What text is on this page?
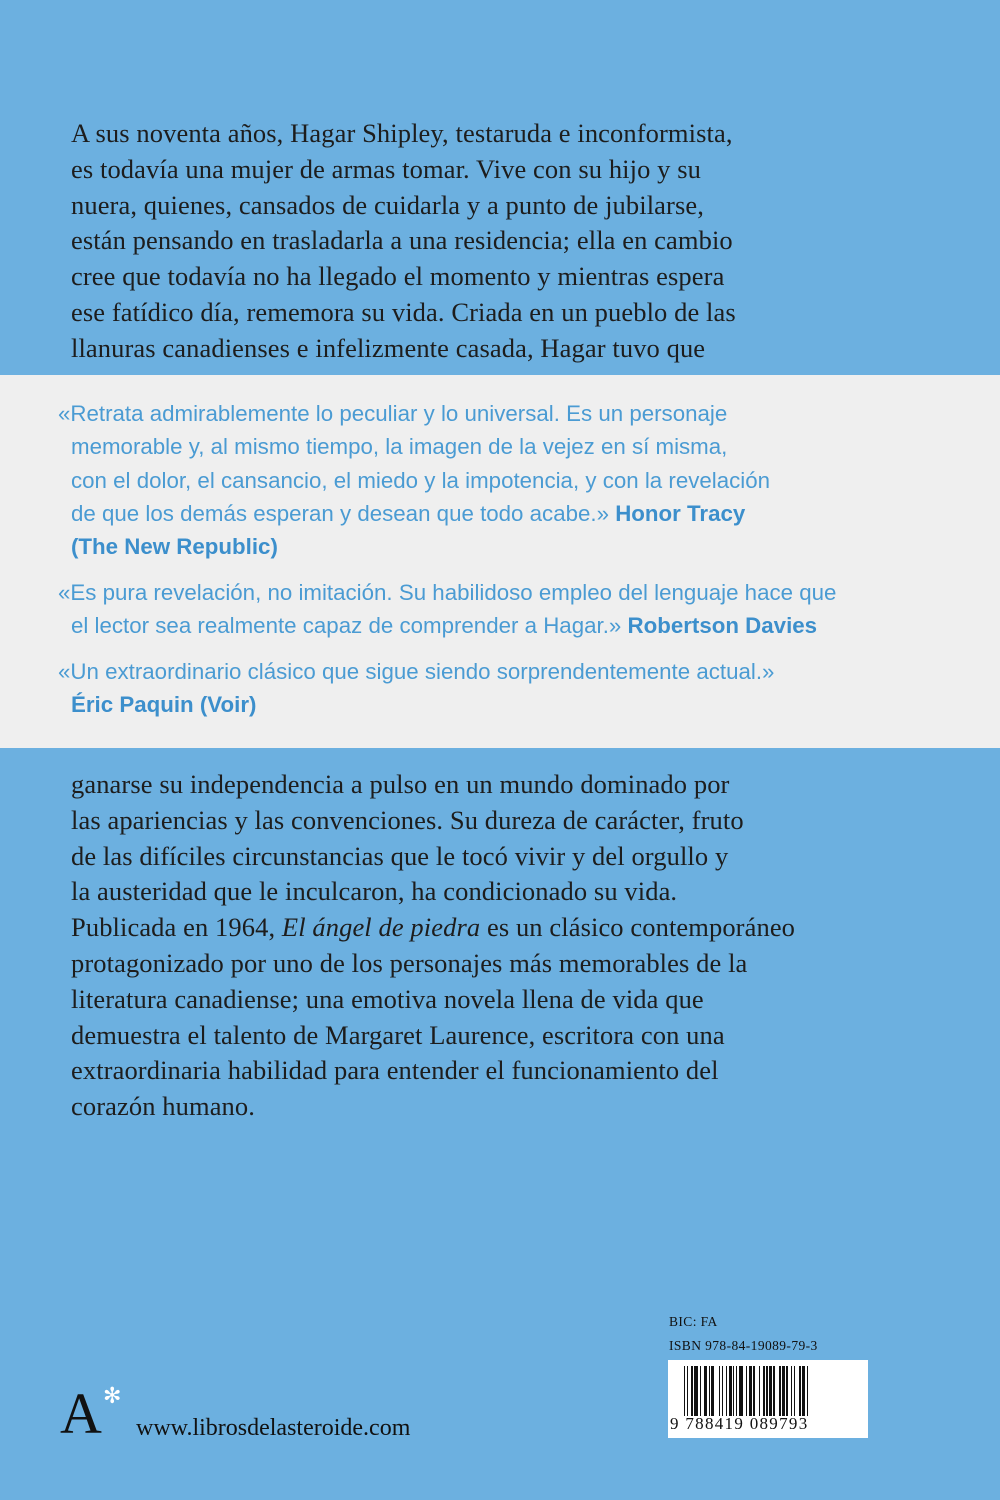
A sus noventa años, Hagar Shipley, testaruda e inconformista,
es todavía una mujer de armas tomar. Vive con su hijo y su
nuera, quienes, cansados de cuidarla y a punto de jubilarse,
están pensando en trasladarla a una residencia; ella en cambio
cree que todavía no ha llegado el momento y mientras espera
ese fatídico día, rememora su vida. Criada en un pueblo de las
llanuras canadienses e infelizmente casada, Hagar tuvo que
«Retrata admirablemente lo peculiar y lo universal. Es un personaje
memorable y, al mismo tiempo, la imagen de la vejez en sí misma,
con el dolor, el cansancio, el miedo y la impotencia, y con la revelación
de que los demás esperan y desean que todo acabe.» Honor Tracy
(The New Republic)
«Es pura revelación, no imitación. Su habilidoso empleo del lenguaje hace que
el lector sea realmente capaz de comprender a Hagar.» Robertson Davies
«Un extraordinario clásico que sigue siendo sorprendentemente actual.»
Éric Paquin (Voir)
ganarse su independencia a pulso en un mundo dominado por
las apariencias y las convenciones. Su dureza de carácter, fruto
de las difíciles circunstancias que le tocó vivir y del orgullo y
la austeridad que le inculcaron, ha condicionado su vida.
Publicada en 1964, El ángel de piedra es un clásico contemporáneo
protagonizado por uno de los personajes más memorables de la
literatura canadiense; una emotiva novela llena de vida que
demuestra el talento de Margaret Laurence, escritora con una
extraordinaria habilidad para entender el funcionamiento del
corazón humano.
A ✻
www.librosdelasteroide.com
BIC: FA
ISBN 978-84-19089-79-3
9 788419 089793
